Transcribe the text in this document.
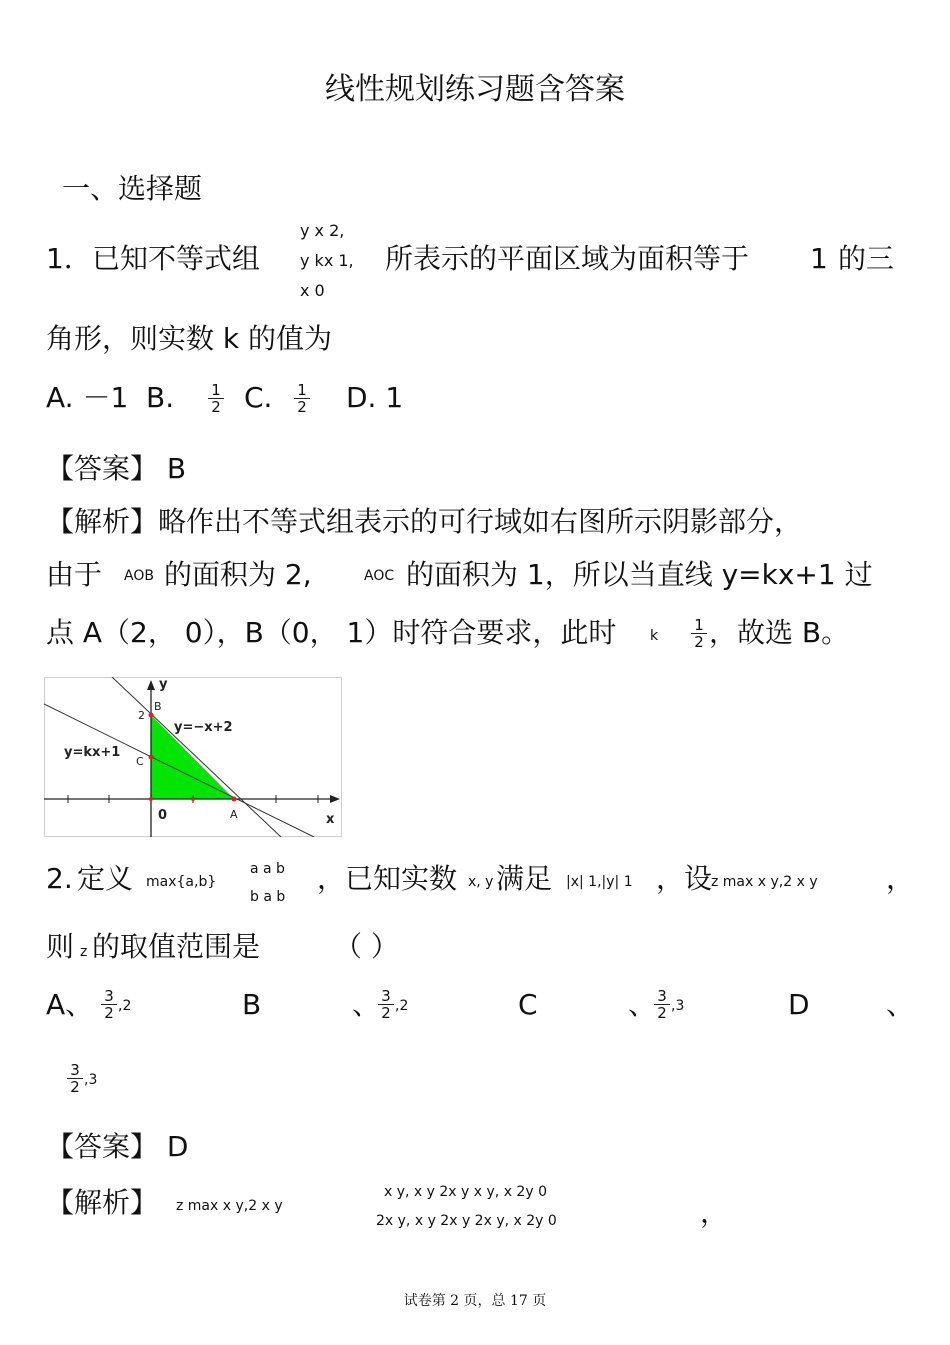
线性规划练习题含答案
一、选择题
1． 已知不等式组
y x 2,
y kx 1,
x 0
所表示的平面区域为面积等于 1 的三
角形，则实数 k 的值为
A. －1 B. $\frac{1}{2} C$. $\frac{1}{2} D$. 1
【答案】 B
【解析】略作出不等式组表示的可行域如右图所示阴影部分，
由于 AOB 的面积为 2,	AOC 的面积为 1，所以当直线 y=kx+1 过
点 A（2， 0），B（0， 1）时符合要求，此时 k $\frac{1}{2}$ ，故选 B。
2
B
C
A
0	x
y
y=−x+2
y=kx+1
2. 定义 max{a,b}
a a b
b a b
，已知实数 x, y 满足 |x| 1,|y| 1 ，设
z max x y,2 x y ，
则 z 的取值范围是	（ ）
A、 $\frac{3}{2} ,2$	B	、
$\frac{3}{2} ,2$	C	、
$\frac{3}{2} ,3$	D	、
$\frac{3}{2} ,3$
【答案】 D
【解析】 z max x y,2 x y
x y, x y 2x y x y, x 2y 0
2x y, x y 2x y 2x y, x 2y 0	，
试卷第 2 页，总 17 页
